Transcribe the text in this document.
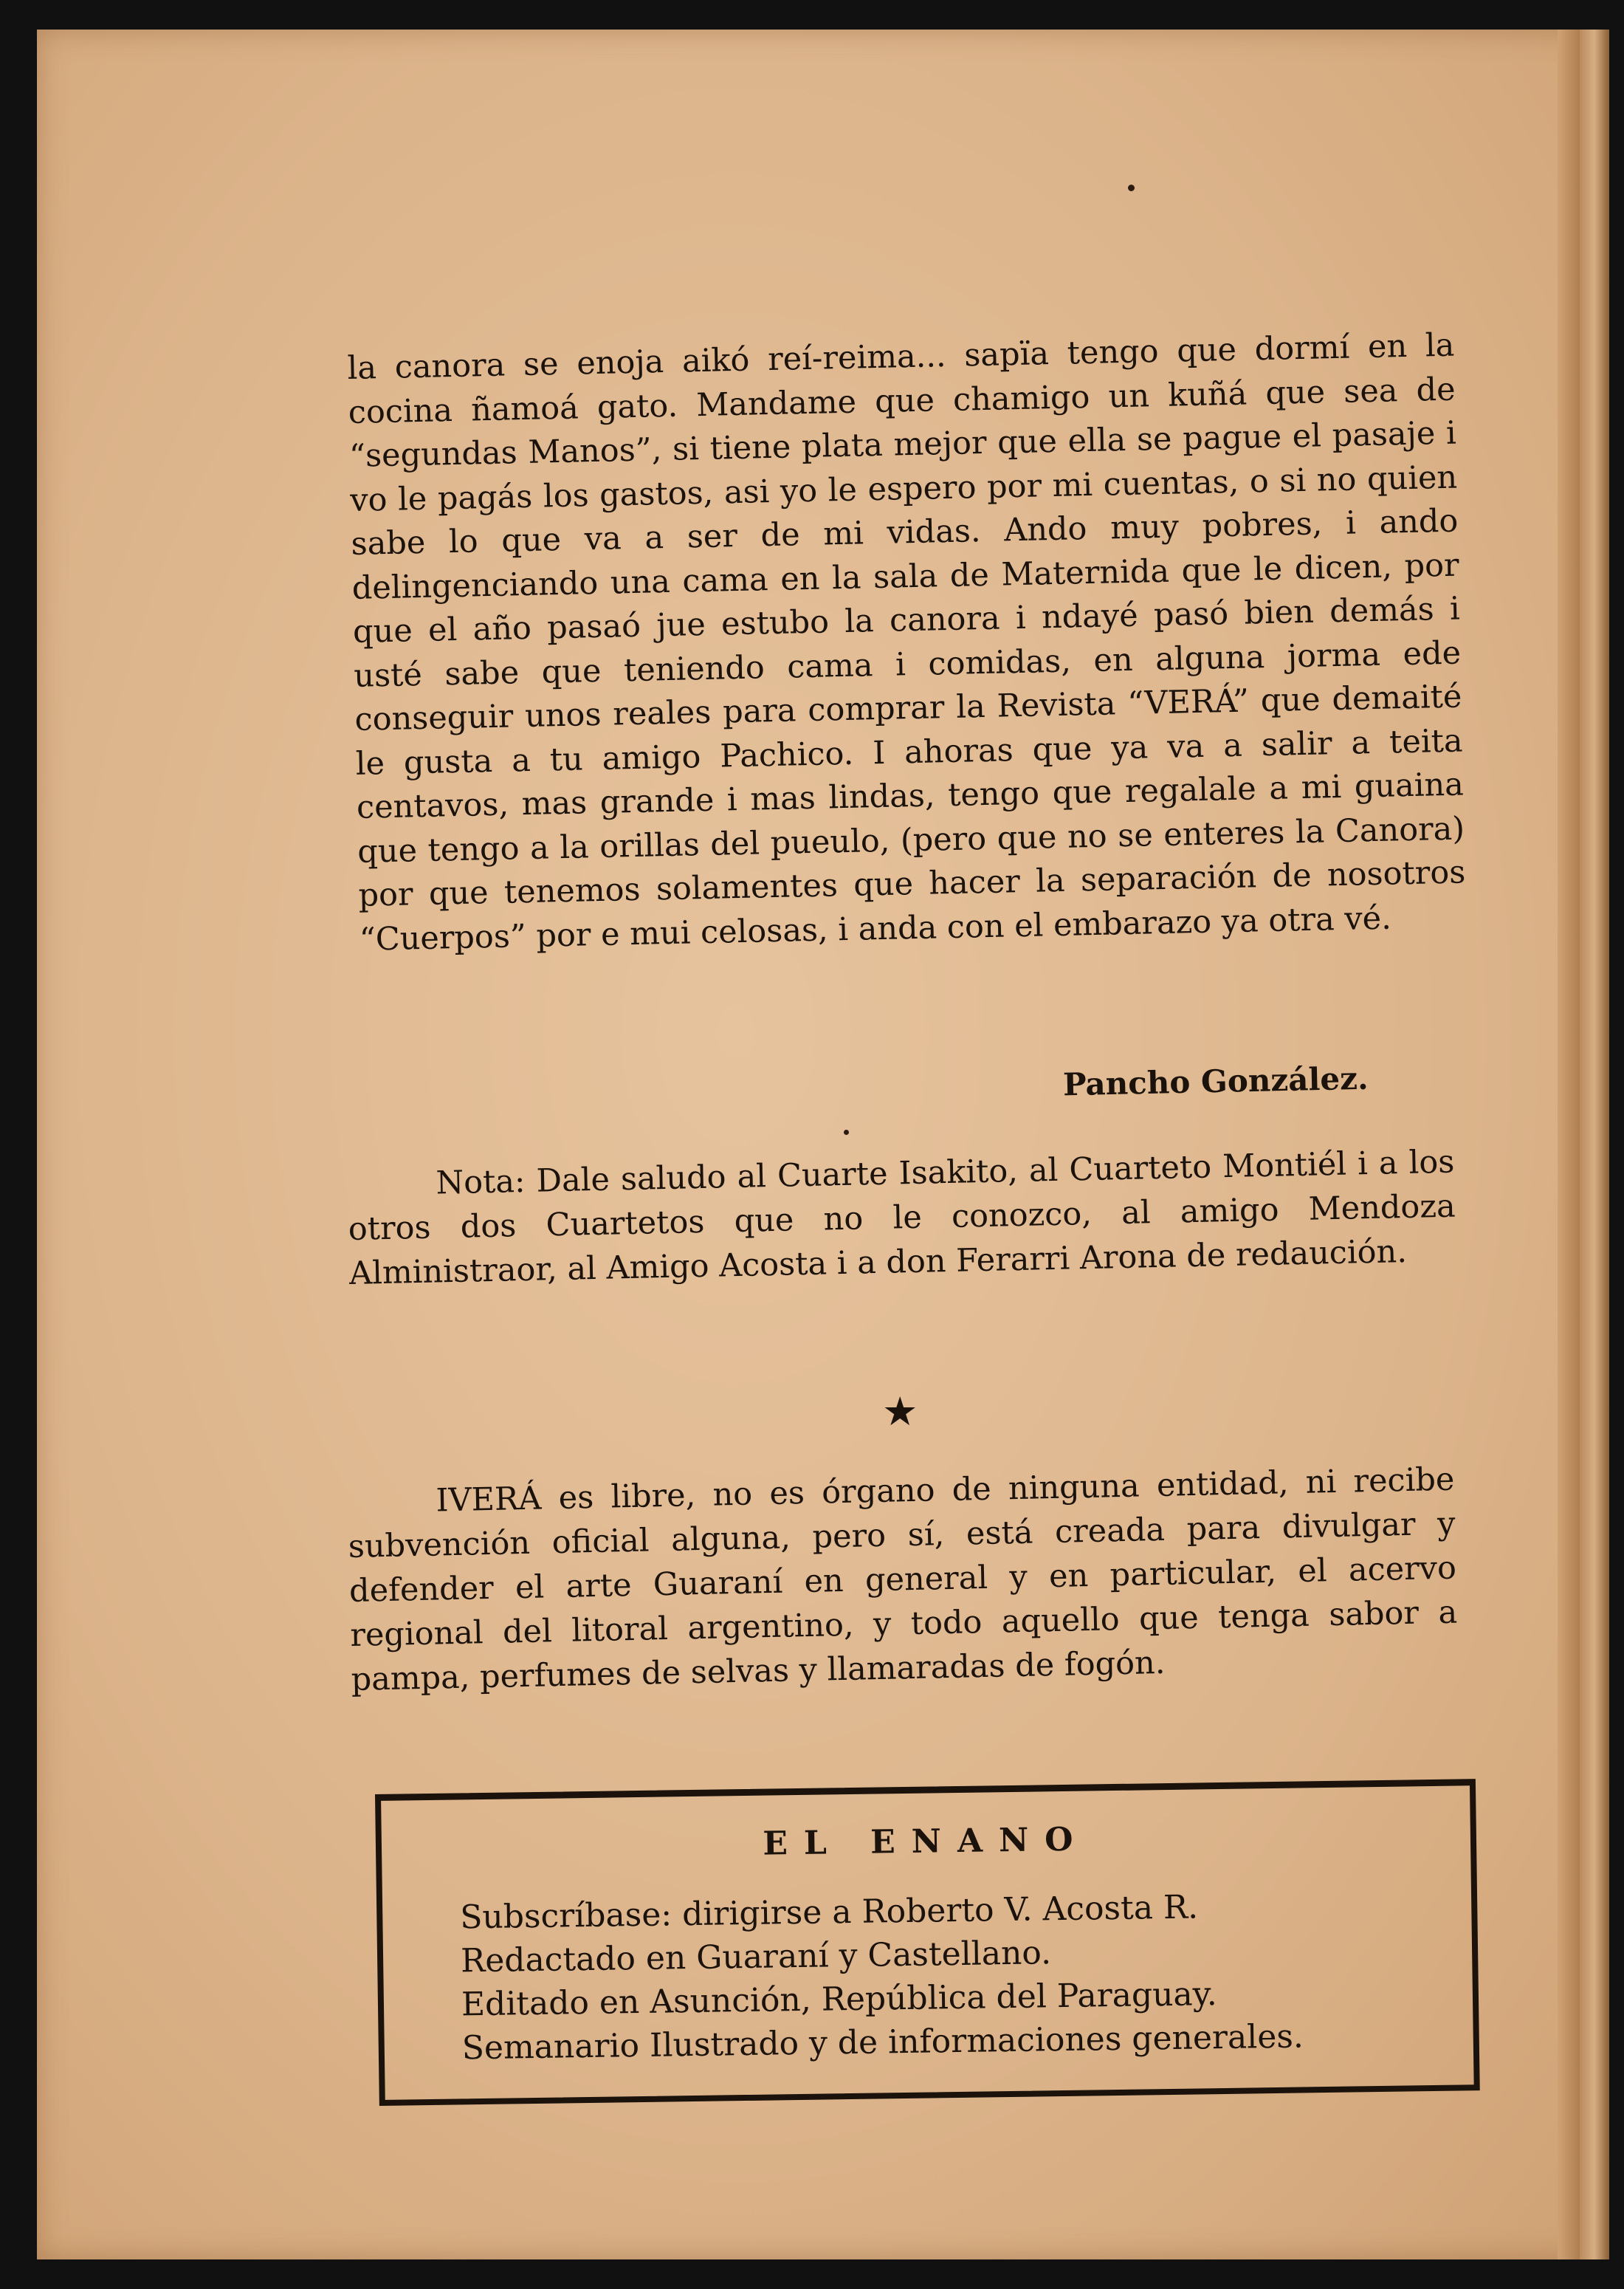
la canora se enoja aikó reí-reima... sapïa tengo que dormí en la cocina ñamoá gato. Mandame que chamigo un kuñá que sea de “segundas Manos”, si tiene plata mejor que ella se pague el pasaje i vo le pagás los gastos, asi yo le espero por mi cuentas, o si no quien sabe lo que va a ser de mi vidas. Ando muy pobres, i ando delingenciando una cama en la sala de Maternida que le dicen, por que el año pasaó jue estubo la canora i ndayé pasó bien demás i usté sabe que teniendo cama i comidas, en alguna jorma ede conseguir unos reales para comprar la Revista “VERÁ” que demaité le gusta a tu amigo Pachico. I ahoras que ya va a salir a teita centavos, mas grande i mas lindas, tengo que regalale a mi guaina que tengo a la orillas del pueulo, (pero que no se enteres la Canora) por que tenemos solamentes que hacer la separación de nosotros “Cuerpos” por e mui celosas, i anda con el embarazo ya otra vé.
Pancho González.
Nota: Dale saludo al Cuarte Isakito, al Cuarteto Montiél i a los otros dos Cuartetos que no le conozco, al amigo Mendoza Alministraor, al Amigo Acosta i a don Ferarri Arona de redaución.
★
IVERÁ es libre, no es órgano de ninguna entidad, ni recibe subvención oficial alguna, pero sí, está creada para divulgar y defender el arte Guaraní en general y en particular, el acervo regional del litoral argentino, y todo aquello que tenga sabor a pampa, perfumes de selvas y llamaradas de fogón.
EL ENANO
Subscríbase: dirigirse a Roberto V. Acosta R.
Redactado en Guaraní y Castellano.
Editado en Asunción, República del Paraguay.
Semanario Ilustrado y de informaciones generales.
